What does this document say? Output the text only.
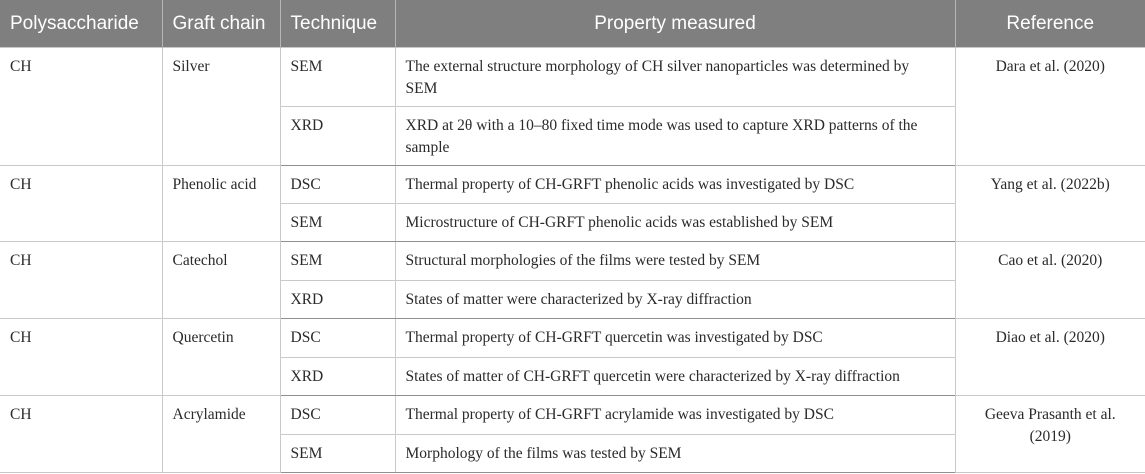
Polysaccharide	Graft chain	Technique	Property measured	Reference
CH	Silver	SEM	The external structure morphology of CH silver nanoparticles was determined by SEM	Dara et al. (2020)
		XRD	XRD at 2θ with a 10–80 fixed time mode was used to capture XRD patterns of the sample	
CH	Phenolic acid	DSC	Thermal property of CH-GRFT phenolic acids was investigated by DSC	Yang et al. (2022b)
		SEM	Microstructure of CH-GRFT phenolic acids was established by SEM	
CH	Catechol	SEM	Structural morphologies of the films were tested by SEM	Cao et al. (2020)
		XRD	States of matter were characterized by X-ray diffraction	
CH	Quercetin	DSC	Thermal property of CH-GRFT quercetin was investigated by DSC	Diao et al. (2020)
		XRD	States of matter of CH-GRFT quercetin were characterized by X-ray diffraction	
CH	Acrylamide	DSC	Thermal property of CH-GRFT acrylamide was investigated by DSC	Geeva Prasanth et al. (2019)
		SEM	Morphology of the films was tested by SEM	
